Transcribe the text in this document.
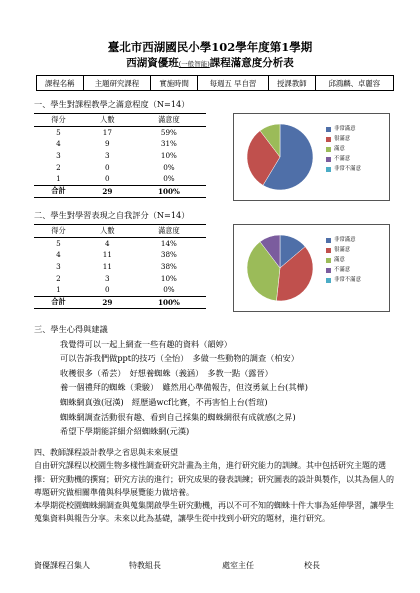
臺北市西湖國民小學102學年度第1學期
西湖資優班(一般智能)課程滿意度分析表
課程名稱	主題研究課程	實施時間	每週五 早自習	授課教師	邱鴻麟、卓麗容
一、學生對課程教學之滿意程度（N=14）
得分	人數	滿意度
5	17	59%
4	9	31%
3	3	10%
2	0	0%
1	0	0%
合計	29	100%
非常滿意
很滿意
滿意
不滿意
非常不滿意
二、學生對學習表現之自我評分（N=14）
得分	人數	滿意度
5	4	14%
4	11	38%
3	11	38%
2	3	10%
1	0	0%
合計	29	100%
非常滿意
很滿意
滿意
不滿意
非常不滿意
三、學生心得與建議
我覺得可以一起上網查一些有趣的資料（韻婷）
可以告訴我們做ppt的技巧（全怡）　多做一些動物的調查（柏安）
收穫很多（希芸）　好想養蜘蛛（義涵）　多教一點（露晉）
養一個禮拜的蜘蛛（秉駿）　雖然用心準備報告，但沒勇氣上台(其樺)
蜘蛛網真強(冠漢)　經歷過wcf比賽，不再害怕上台(哲瑄)
蜘蛛網調查活動很有趣、看到自己採集的蜘蛛網很有成就感(之昇)
希望下學期能詳細介紹蜘蛛網(元漢)
四、教師課程設計教學之省思與未來展望
自由研究課程以校園生物多樣性調查研究計畫為主角，進行研究能力的訓練。其中包括研究主題的選擇：研究動機的撰寫；研究方法的進行；研究成果的發表訓練；研究圖表的設計與製作，以其為個人的專題研究做相關準備與科學展覽能力做培養。
本學期從校園蜘蛛網調查與蒐集開啟學生研究動機，再以不可不知的蜘蛛十件大事為延伸學習，讓學生蒐集資料與報告分享。未來以此為基礎，讓學生從中找到小研究的題材，進行研究。
資優課程召集人	特教組長	處室主任	校長
